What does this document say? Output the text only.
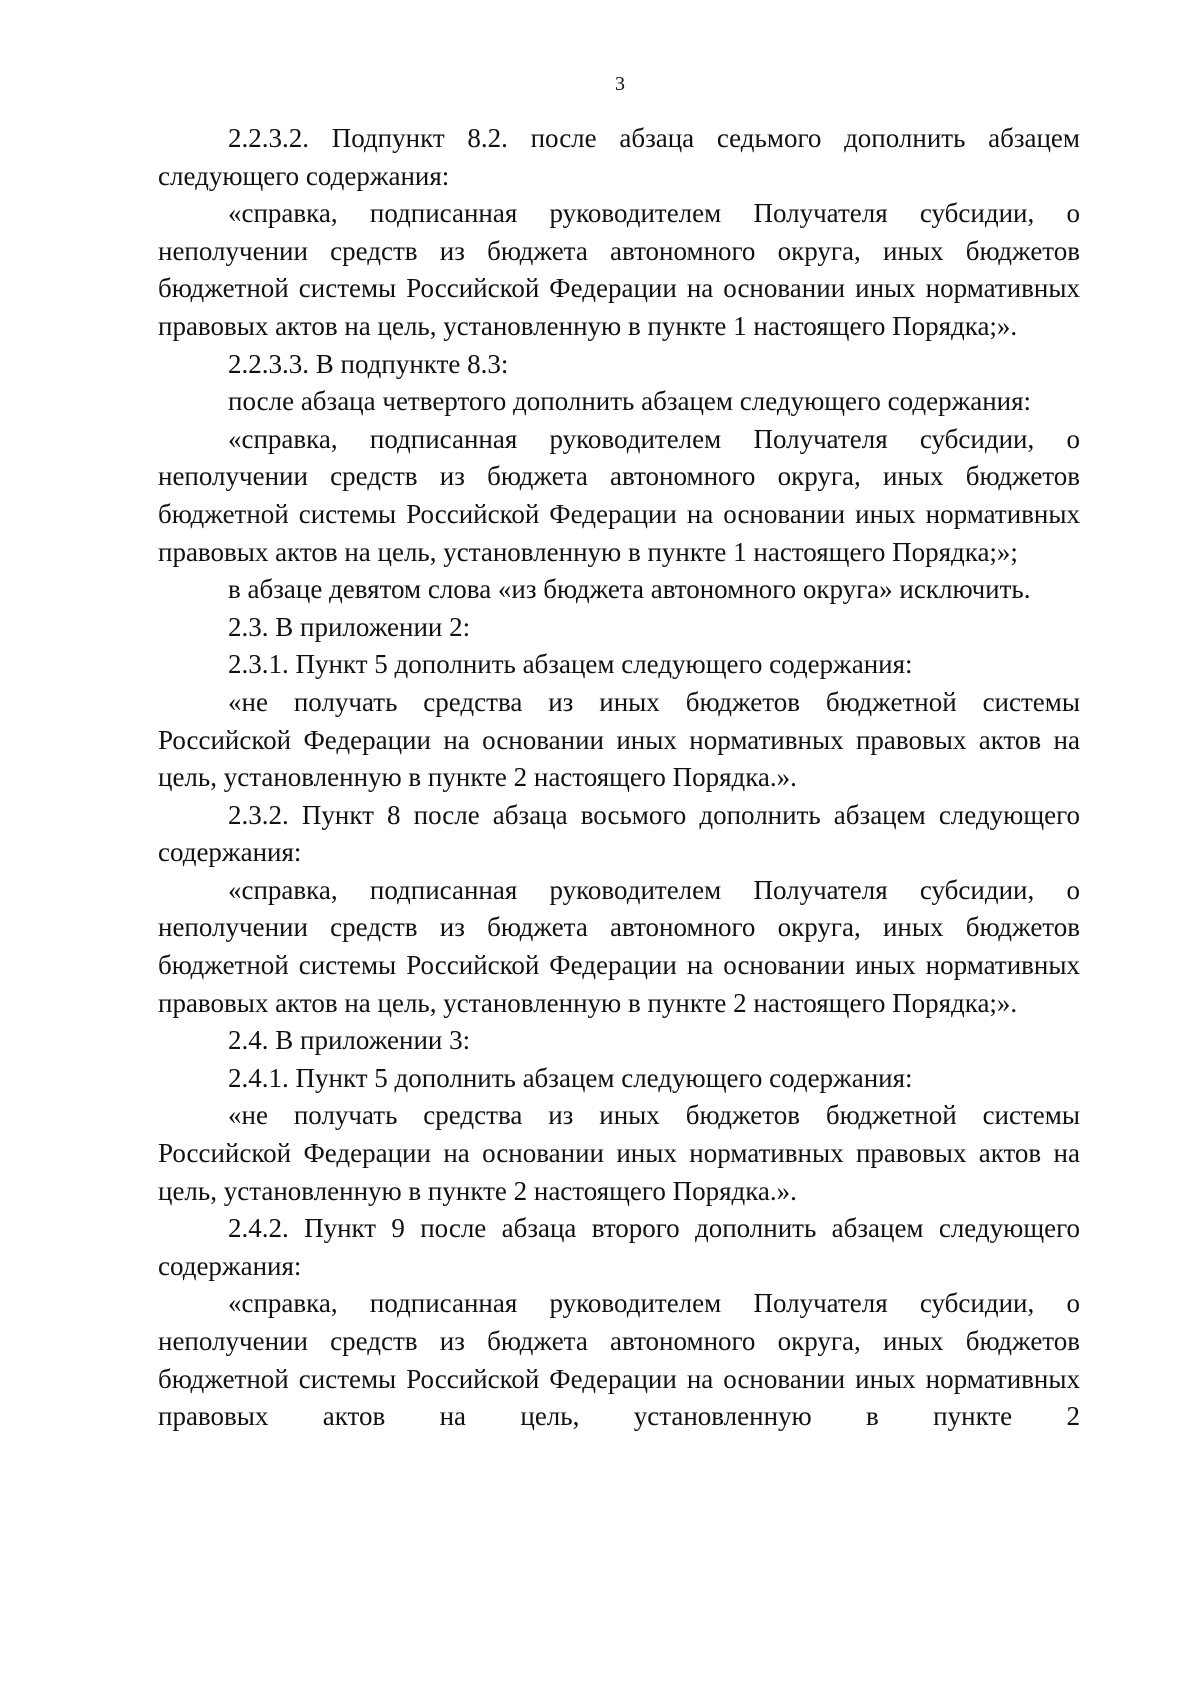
3

2.2.3.2. Подпункт 8.2. после абзаца седьмого дополнить абзацем следующего содержания:

«справка, подписанная руководителем Получателя субсидии, о неполучении средств из бюджета автономного округа, иных бюджетов бюджетной системы Российской Федерации на основании иных нормативных правовых актов на цель, установленную в пункте 1 настоящего Порядка;».

2.2.3.3. В подпункте 8.3:

после абзаца четвертого дополнить абзацем следующего содержания:

«справка, подписанная руководителем Получателя субсидии, о неполучении средств из бюджета автономного округа, иных бюджетов бюджетной системы Российской Федерации на основании иных нормативных правовых актов на цель, установленную в пункте 1 настоящего Порядка;»;

в абзаце девятом слова «из бюджета автономного округа» исключить.

2.3. В приложении 2:

2.3.1. Пункт 5 дополнить абзацем следующего содержания:

«не получать средства из иных бюджетов бюджетной системы Российской Федерации на основании иных нормативных правовых актов на цель, установленную в пункте 2 настоящего Порядка.».

2.3.2. Пункт 8 после абзаца восьмого дополнить абзацем следующего содержания:

«справка, подписанная руководителем Получателя субсидии, о неполучении средств из бюджета автономного округа, иных бюджетов бюджетной системы Российской Федерации на основании иных нормативных правовых актов на цель, установленную в пункте 2 настоящего Порядка;».

2.4. В приложении 3:

2.4.1. Пункт 5 дополнить абзацем следующего содержания:

«не получать средства из иных бюджетов бюджетной системы Российской Федерации на основании иных нормативных правовых актов на цель, установленную в пункте 2 настоящего Порядка.».

2.4.2. Пункт 9 после абзаца второго дополнить абзацем следующего содержания:

«справка, подписанная руководителем Получателя субсидии, о неполучении средств из бюджета автономного округа, иных бюджетов бюджетной системы Российской Федерации на основании иных нормативных правовых актов на цель, установленную в пункте 2
